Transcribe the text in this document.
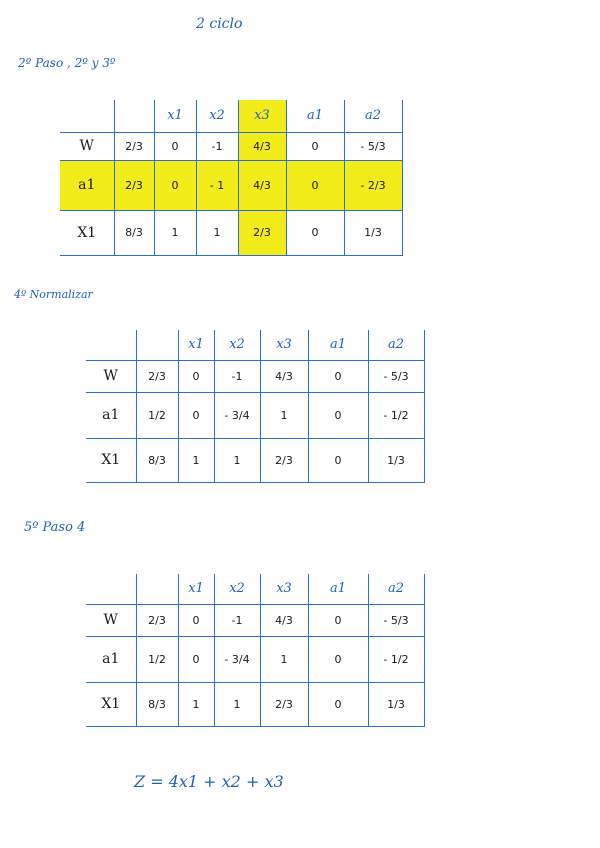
2 ciclo
2º Paso , 2º y 3º
4º Normalizar
5º Paso 4
		x1	x2	x3	a1	a2
W	2/3	0	-1	4/3	0	- 5/3
a1	2/3	0	- 1	4/3	0	- 2/3
X1	8/3	1	1	2/3	0	1/3
		x1	x2	x3	a1	a2
W	2/3	0	-1	4/3	0	- 5/3
a1	1/2	0	- 3/4	1	0	- 1/2
X1	8/3	1	1	2/3	0	1/3
		x1	x2	x3	a1	a2
W	2/3	0	-1	4/3	0	- 5/3
a1	1/2	0	- 3/4	1	0	- 1/2
X1	8/3	1	1	2/3	0	1/3
Z = 4x1 + x2 + x3
